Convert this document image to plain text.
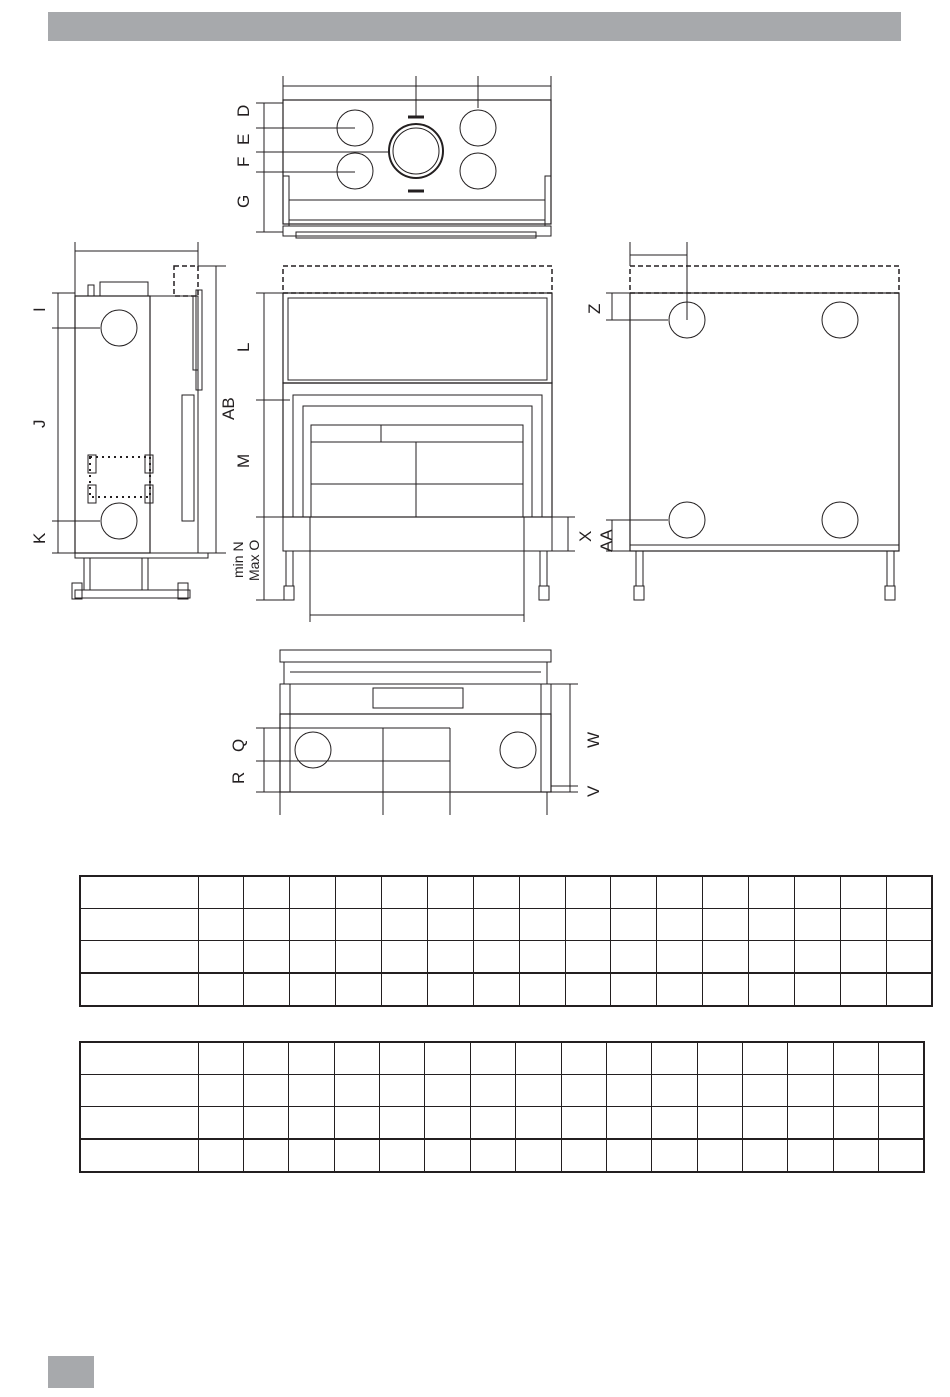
D
E
F
G
I
J
K
L
AB
M
min N Max O
X AA
Z
Q
R
W
V
